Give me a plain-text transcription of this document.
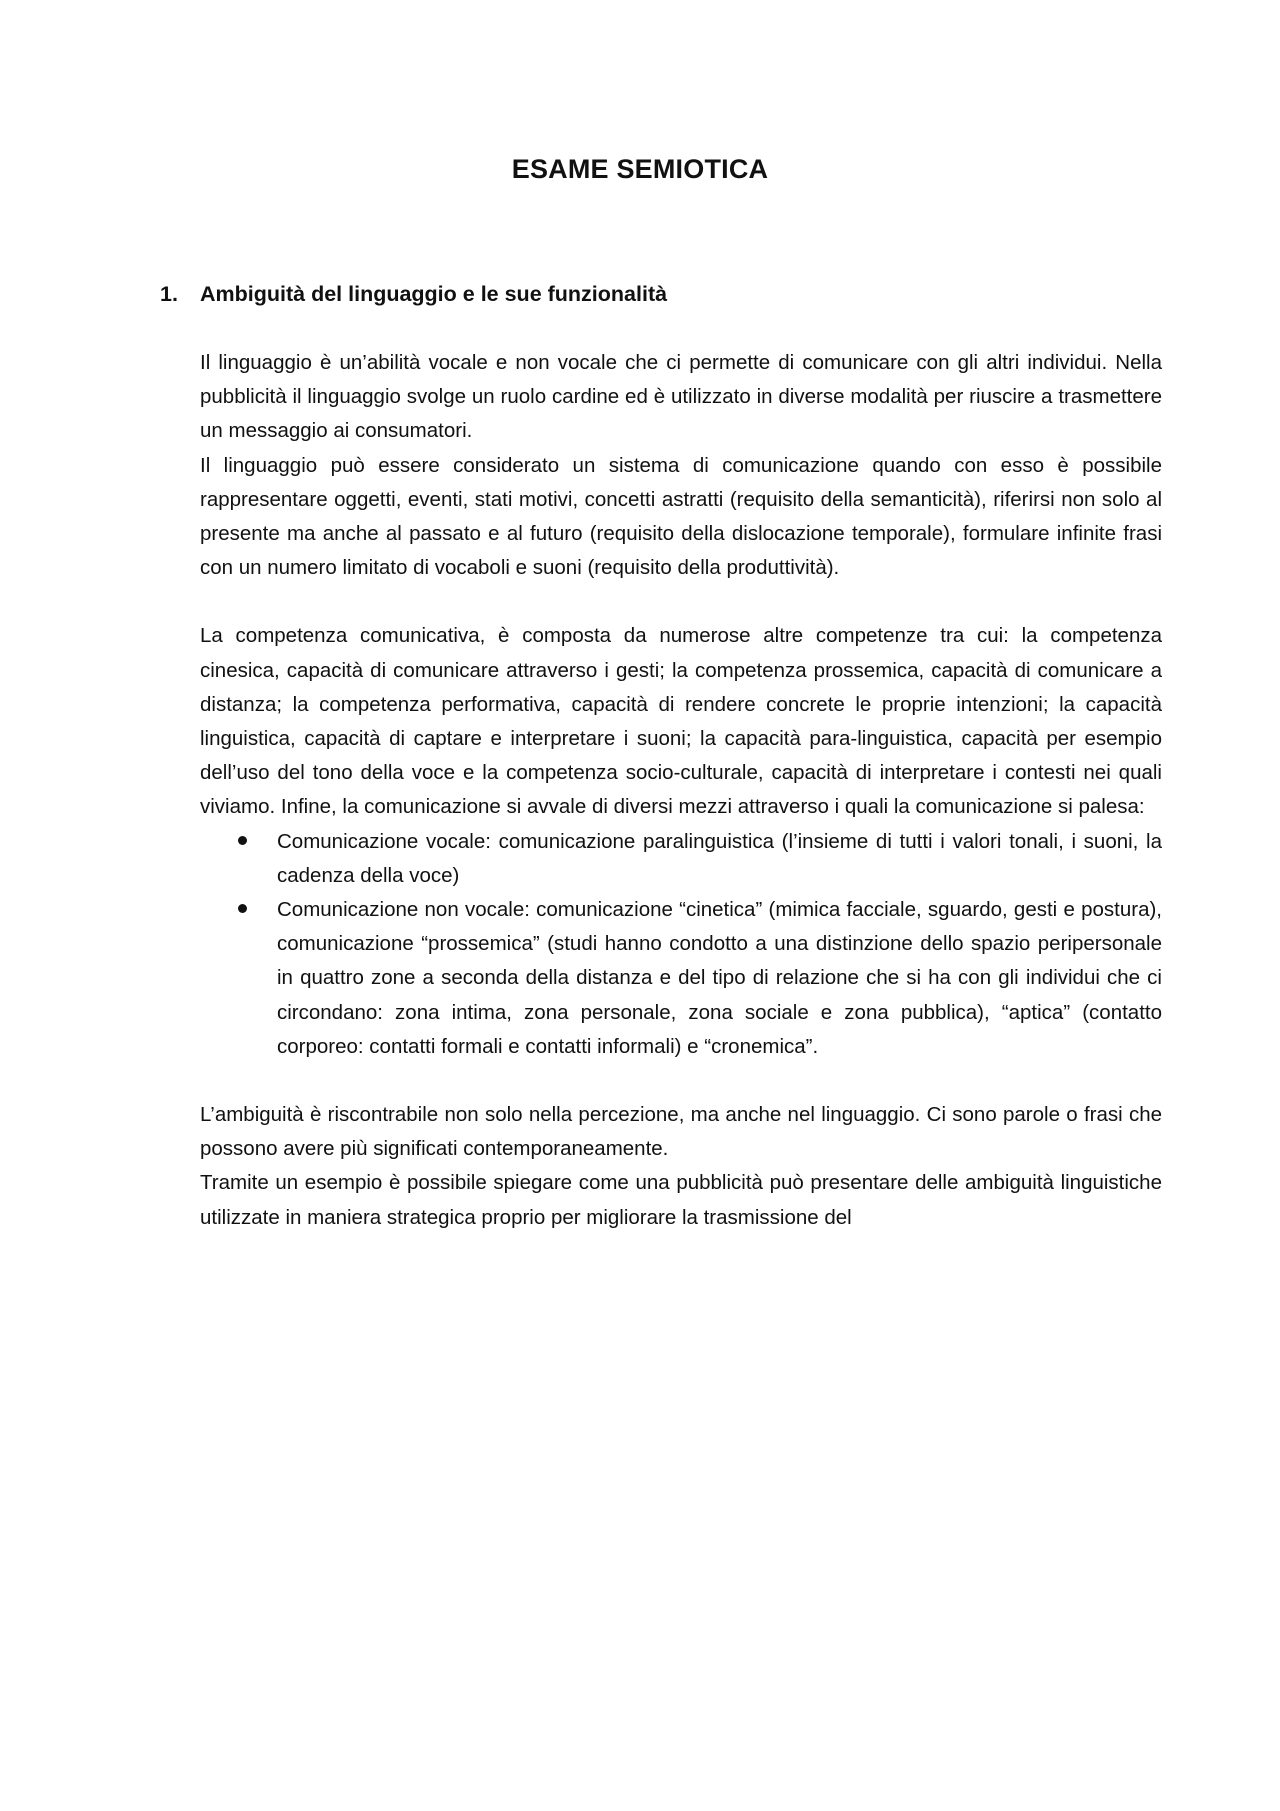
ESAME SEMIOTICA
1. Ambiguità del linguaggio e le sue funzionalità

Il linguaggio è un’abilità vocale e non vocale che ci permette di comunicare con gli altri individui. Nella pubblicità il linguaggio svolge un ruolo cardine ed è utilizzato in diverse modalità per riuscire a trasmettere un messaggio ai consumatori.

Il linguaggio può essere considerato un sistema di comunicazione quando con esso è possibile rappresentare oggetti, eventi, stati motivi, concetti astratti (requisito della semanticità), riferirsi non solo al presente ma anche al passato e al futuro (requisito della dislocazione temporale), formulare infinite frasi con un numero limitato di vocaboli e suoni (requisito della produttività).

La competenza comunicativa, è composta da numerose altre competenze tra cui: la competenza cinesica, capacità di comunicare attraverso i gesti; la competenza prossemica, capacità di comunicare a distanza; la competenza performativa, capacità di rendere concrete le proprie intenzioni; la capacità linguistica, capacità di captare e interpretare i suoni; la capacità para-linguistica, capacità per esempio dell’uso del tono della voce e la competenza socio-culturale, capacità di interpretare i contesti nei quali viviamo. Infine, la comunicazione si avvale di diversi mezzi attraverso i quali la comunicazione si palesa:

Comunicazione vocale: comunicazione paralinguistica (l’insieme di tutti i valori tonali, i suoni, la cadenza della voce)
Comunicazione non vocale: comunicazione “cinetica” (mimica facciale, sguardo, gesti e postura), comunicazione “prossemica” (studi hanno condotto a una distinzione dello spazio peripersonale in quattro zone a seconda della distanza e del tipo di relazione che si ha con gli individui che ci circondano: zona intima, zona personale, zona sociale e zona pubblica), “aptica” (contatto corporeo: contatti formali e contatti informali) e “cronemica”.

L’ambiguità è riscontrabile non solo nella percezione, ma anche nel linguaggio. Ci sono parole o frasi che possono avere più significati contemporaneamente.

Tramite un esempio è possibile spiegare come una pubblicità può presentare delle ambiguità linguistiche utilizzate in maniera strategica proprio per migliorare la trasmissione del
